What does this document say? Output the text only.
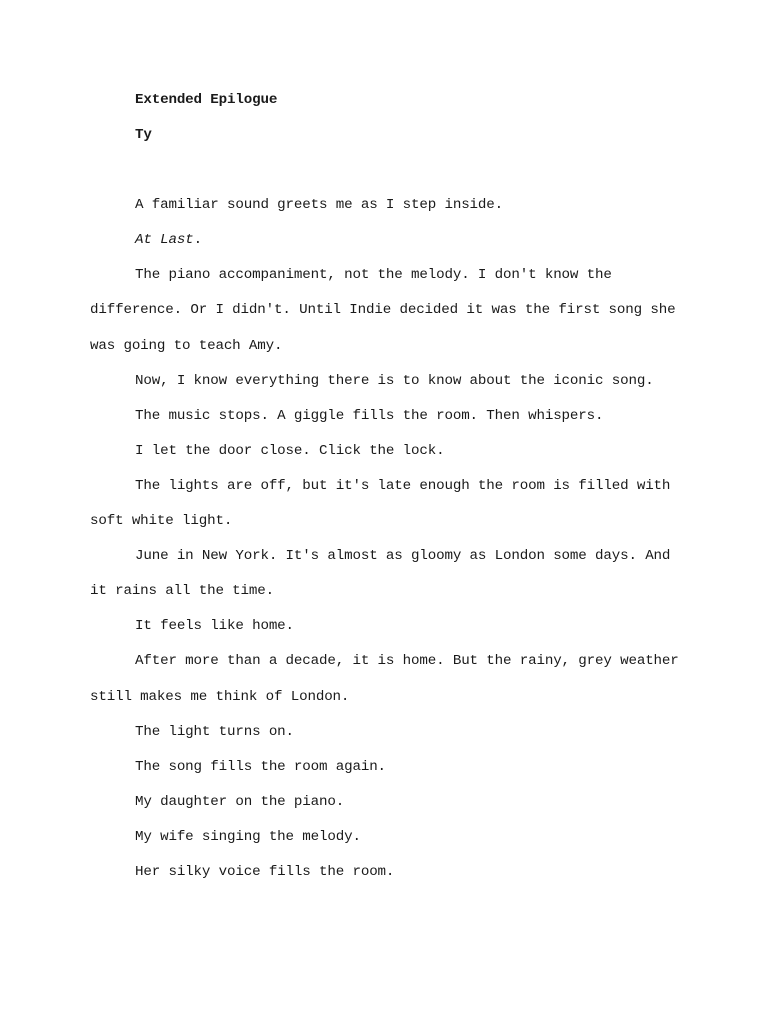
Extended Epilogue

Ty

A familiar sound greets me as I step inside.

At Last.

The piano accompaniment, not the melody. I don't know the difference. Or I didn't. Until Indie decided it was the first song she was going to teach Amy.

Now, I know everything there is to know about the iconic song.

The music stops. A giggle fills the room. Then whispers.

I let the door close. Click the lock.

The lights are off, but it's late enough the room is filled with soft white light.

June in New York. It's almost as gloomy as London some days. And it rains all the time.

It feels like home.

After more than a decade, it is home. But the rainy, grey weather still makes me think of London.

The light turns on.

The song fills the room again.

My daughter on the piano.

My wife singing the melody.

Her silky voice fills the room.
